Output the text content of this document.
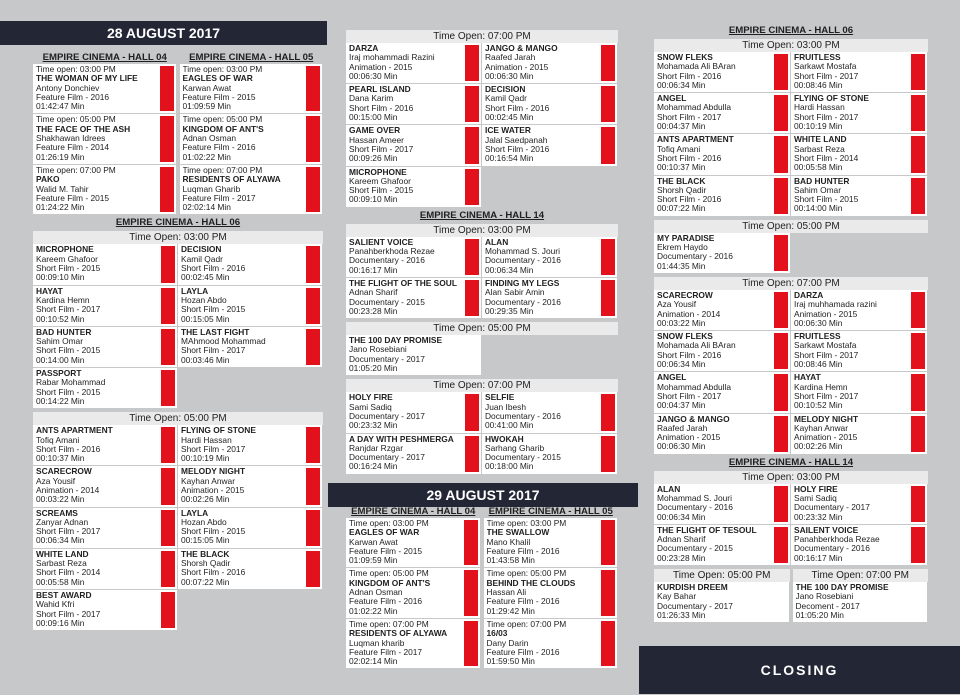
28 AUGUST 2017
29 AUGUST 2017
CLOSING
EMPIRE CINEMA - HALL 04
Time open: 03:00 PM
THE WOMAN OF MY LIFE
Antony Donchiev
Feature Film - 2016
01:42:47 Min
Time open: 05:00 PM
THE FACE OF THE ASH
Shakhawan Idrees
Feature Film - 2014
01:26:19 Min
Time open: 07:00 PM
PAKO
Walid M. Tahir
Feature Film - 2015
01:24:22 Min
EMPIRE CINEMA - HALL 05
Time open: 03:00 PM
EAGLES OF WAR
Karwan Awat
Feature Film - 2015
01:09:59 Min
Time open: 05:00 PM
KINGDOM OF ANT'S
Adnan Osman
Feature Film - 2016
01:02:22 Min
Time open: 07:00 PM
RESIDENTS OF ALYAWA
Luqman Gharib
Feature Film - 2017
02:02:14 Min
EMPIRE CINEMA - HALL 06
Time Open: 03:00 PM
MICROPHONE
Kareem Ghafoor
Short Film - 2015
00:09:10 Min
DECISION
Kamil Qadr
Short Film - 2016
00:02:45 Min
HAYAT
Kardina Hemn
Short Film - 2017
00:10:52 Min
LAYLA
Hozan Abdo
Short Film - 2015
00:15:05 Min
BAD HUNTER
Sahim Omar
Short Film - 2015
00:14:00 Min
THE LAST FIGHT
MAhmood Mohammad
Short Film - 2017
00:03:46 Min
PASSPORT
Rabar Mohammad
Short Film - 2015
00:14:22 Min
Time Open: 05:00 PM
ANTS APARTMENT
Tofiq Amani
Short Film - 2016
00:10:37 Min
FLYING OF STONE
Hardi Hassan
Short Film - 2017
00:10:19 Min
SCARECROW
Aza Yousif
Animation - 2014
00:03:22 Min
MELODY NIGHT
Kayhan Anwar
Animation - 2015
00:02:26 Min
SCREAMS
Zanyar Adnan
Short Film - 2017
00:06:34 Min
LAYLA
Hozan Abdo
Short Film - 2015
00:15:05 Min
WHITE LAND
Sarbast Reza
Short Film - 2014
00:05:58 Min
THE BLACK
Shorsh Qadir
Short Film - 2016
00:07:22 Min
BEST AWARD
Wahid Kfri
Short Film - 2017
00:09:16 Min
Time Open: 07:00 PM
DARZA
Iraj mohammadi Razini
Animation - 2015
00:06:30 Min
JANGO & MANGO
Raafed Jarah
Animation - 2015
00:06:30 Min
PEARL ISLAND
Dana Karim
Short Film - 2016
00:15:00 Min
DECISION
Kamil Qadr
Short Film - 2016
00:02:45 Min
GAME OVER
Hassan Ameer
Short Film - 2017
00:09:26 Min
ICE WATER
Jalal Saedpanah
Short Film - 2016
00:16:54 Min
MICROPHONE
Kareem Ghafoor
Short Film - 2015
00:09:10 Min
EMPIRE CINEMA - HALL 14
Time Open: 03:00 PM
SALIENT VOICE
Panahberkhoda Rezae
Documentary - 2016
00:16:17 Min
ALAN
Mohammad S. Jouri
Documentary - 2016
00:06:34 Min
THE FLIGHT OF THE SOUL
Adnan Sharif
Documentary - 2015
00:23:28 Min
FINDING MY LEGS
Alan Sabir Amin
Documentary - 2016
00:29:35 Min
Time Open: 05:00 PM
THE 100 DAY PROMISE
Jano Rosebiani
Documentary - 2017
01:05:20 Min
Time Open: 07:00 PM
HOLY FIRE
Sami Sadiq
Documentary - 2017
00:23:32 Min
SELFIE
Juan Ibesh
Documentary - 2016
00:41:00 Min
A DAY WITH PESHMERGA
Ranjdar Rzgar
Documentary - 2017
00:16:24 Min
HWOKAH
Sarhang Gharib
Documentary - 2015
00:18:00 Min
EMPIRE CINEMA - HALL 04
Time open: 03:00 PM
EAGLES OF WAR
Karwan Awat
Feature Film - 2015
01:09:59 Min
Time open: 05:00 PM
KINGDOM OF ANT'S
Adnan Osman
Feature Film - 2016
01:02:22 Min
Time open: 07:00 PM
RESIDENTS OF ALYAWA
Luqman kharib
Feature Film - 2017
02:02:14 Min
EMPIRE CINEMA - HALL 05
Time open: 03:00 PM
THE SWALLOW
Mano Khalil
Feature Film - 2016
01:43:58 Min
Time open: 05:00 PM
BEHIND THE CLOUDS
Hassan Ali
Feature Film - 2016
01:29:42 Min
Time open: 07:00 PM
16/03
Dany Darin
Feature Film - 2016
01:59:50 Min
EMPIRE CINEMA - HALL 06
Time Open: 03:00 PM
SNOW FLEKS
Mohamada Ali BAran
Short Film - 2016
00:06:34 Min
FRUITLESS
Sarkawt Mostafa
Short Film - 2017
00:08:46 Min
ANGEL
Mohammad Abdulla
Short Film - 2017
00:04:37 Min
FLYING OF STONE
Hardi Hassan
Short Film - 2017
00:10:19 Min
ANTS APARTMENT
Tofiq Amani
Short Film - 2016
00:10:37 Min
WHITE LAND
Sarbast Reza
Short Film - 2014
00:05:58 Min
THE BLACK
Shorsh Qadir
Short Film - 2016
00:07:22 Min
BAD HUNTER
Sahim Omar
Short Film - 2015
00:14:00 Min
Time Open: 05:00 PM
MY PARADISE
Ekrem Haydo
Documentary - 2016
01:44:35 Min
Time Open: 07:00 PM
SCARECROW
Aza Yousif
Animation - 2014
00:03:22 Min
DARZA
Iraj muhhamada razini
Animation - 2015
00:06:30 Min
SNOW FLEKS
Mohamada Ali BAran
Short Film - 2016
00:06:34 Min
FRUITLESS
Sarkawt Mostafa
Short Film - 2017
00:08:46 Min
ANGEL
Mohammad Abdulla
Short Film - 2017
00:04:37 Min
HAYAT
Kardina Hemn
Short Film - 2017
00:10:52 Min
JANGO & MANGO
Raafed Jarah
Animation - 2015
00:06:30 Min
MELODY NIGHT
Kayhan Anwar
Animation - 2015
00:02:26 Min
EMPIRE CINEMA - HALL 14
Time Open: 03:00 PM
ALAN
Mohammad S. Jouri
Documentary - 2016
00:06:34 Min
HOLY FIRE
Sami Sadiq
Documentary - 2017
00:23:32 Min
THE FLIGHT OF TESOUL
Adnan Sharif
Documentary - 2015
00:23:28 Min
SAILENT VOICE
Panahberkhoda Rezae
Documentary - 2016
00:16:17 Min
Time Open: 05:00 PM
KURDISH DREEM
Kay Bahar
Documentary - 2017
01:26:33 Min
Time Open: 07:00 PM
THE 100 DAY PROMISE
Jano Rosebiani
Decoment - 2017
01:05:20 Min
